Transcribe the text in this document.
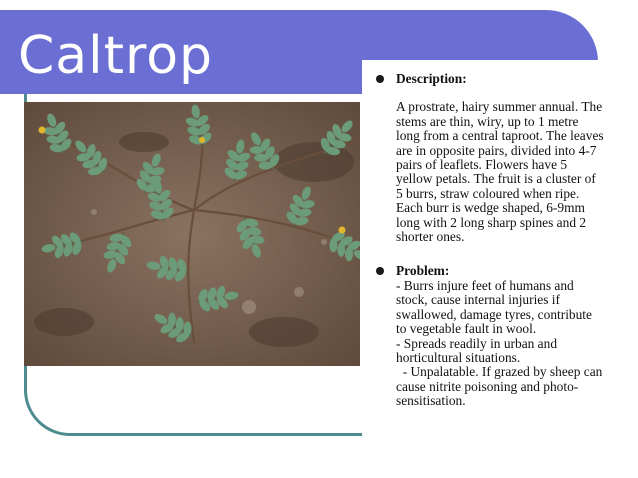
Caltrop	Description:
A prostrate, hairy summer annual. The stems are thin, wiry, up to 1 metre long from a central taproot. The leaves are in opposite pairs, divided into 4-7 pairs of leaflets. Flowers have 5 yellow petals. The fruit is a cluster of 5 burrs, straw coloured when ripe. Each burr is wedge shaped, 6-9mm long with 2 long sharp spines and 2 shorter ones.
Problem:
- Burrs injure feet of humans and stock, cause internal injuries if swallowed, damage tyres, contribute to vegetable fault in wool.
- Spreads readily in urban and horticultural situations.
- Unpalatable. If grazed by sheep can cause nitrite poisoning and photo-sensitisation.
